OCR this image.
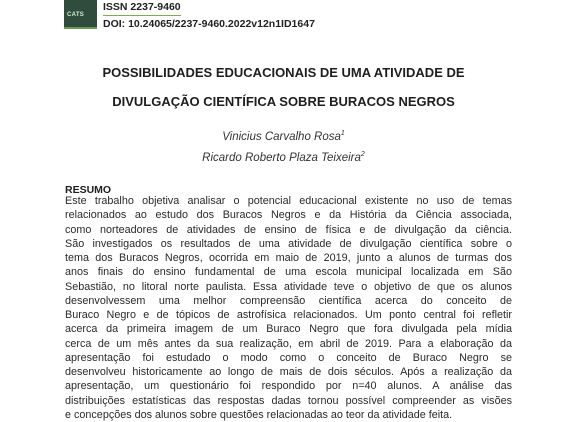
CATS
ISSN 2237-9460
DOI: 10.24065/2237-9460.2022v12n1ID1647
POSSIBILIDADES EDUCACIONAIS DE UMA ATIVIDADE DE
DIVULGAÇÃO CIENTÍFICA SOBRE BURACOS NEGROS
Vinicius Carvalho Rosa$^1$
Ricardo Roberto Plaza Teixeira$^2$
RESUMO
Este trabalho objetiva analisar o potencial educacional existente no uso de temas
relacionados ao estudo dos Buracos Negros e da História da Ciência associada,
como norteadores de atividades de ensino de física e de divulgação da ciência.
São investigados os resultados de uma atividade de divulgação científica sobre o
tema dos Buracos Negros, ocorrida em maio de 2019, junto a alunos de turmas dos
anos finais do ensino fundamental de uma escola municipal localizada em São
Sebastião, no litoral norte paulista. Essa atividade teve o objetivo de que os alunos
desenvolvessem uma melhor compreensão científica acerca do conceito de
Buraco Negro e de tópicos de astrofísica relacionados. Um ponto central foi refletir
acerca da primeira imagem de um Buraco Negro que fora divulgada pela mídia
cerca de um mês antes da sua realização, em abril de 2019. Para a elaboração da
apresentação foi estudado o modo como o conceito de Buraco Negro se
desenvolveu historicamente ao longo de mais de dois séculos. Após a realização da
apresentação, um questionário foi respondido por n=40 alunos. A análise das
distribuições estatísticas das respostas dadas tornou possível compreender as visões
e concepções dos alunos sobre questões relacionadas ao teor da atividade feita.
